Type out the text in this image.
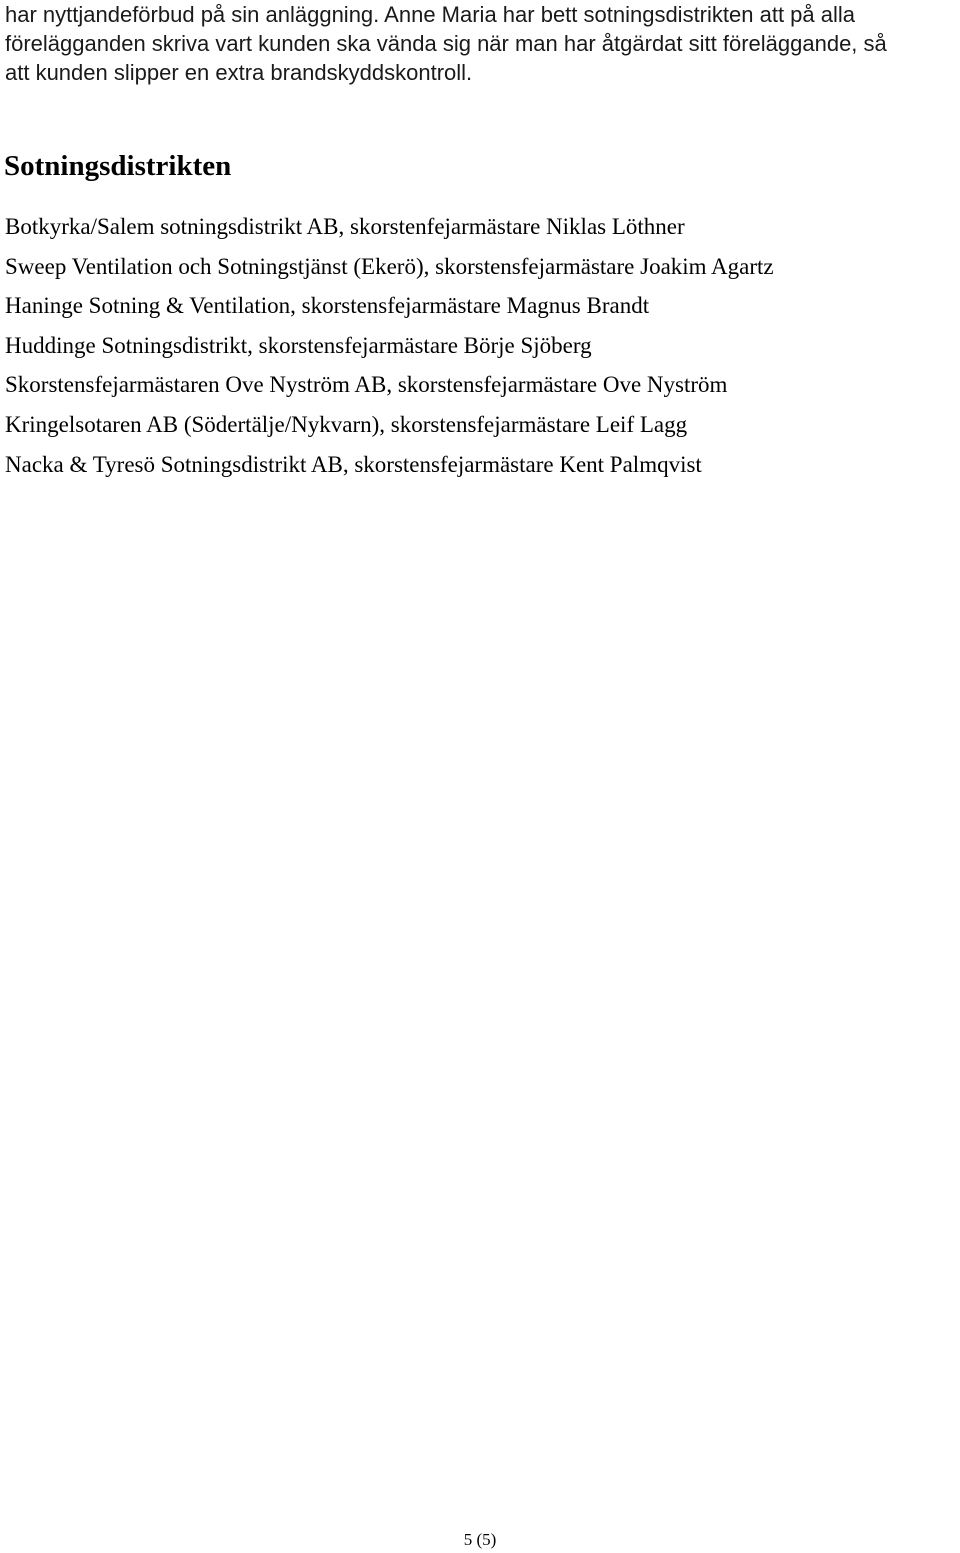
har nyttjandeförbud på sin anläggning. Anne Maria har bett sotningsdistrikten att på alla
förelägganden skriva vart kunden ska vända sig när man har åtgärdat sitt föreläggande, så
att kunden slipper en extra brandskyddskontroll.
Sotningsdistrikten
Botkyrka/Salem sotningsdistrikt AB, skorstenfejarmästare Niklas Löthner
Sweep Ventilation och Sotningstjänst (Ekerö), skorstensfejarmästare Joakim Agartz
Haninge Sotning & Ventilation, skorstensfejarmästare Magnus Brandt
Huddinge Sotningsdistrikt, skorstensfejarmästare Börje Sjöberg
Skorstensfejarmästaren Ove Nyström AB, skorstensfejarmästare Ove Nyström
Kringelsotaren AB (Södertälje/Nykvarn), skorstensfejarmästare Leif Lagg
Nacka & Tyresö Sotningsdistrikt AB, skorstensfejarmästare Kent Palmqvist
5 (5)
